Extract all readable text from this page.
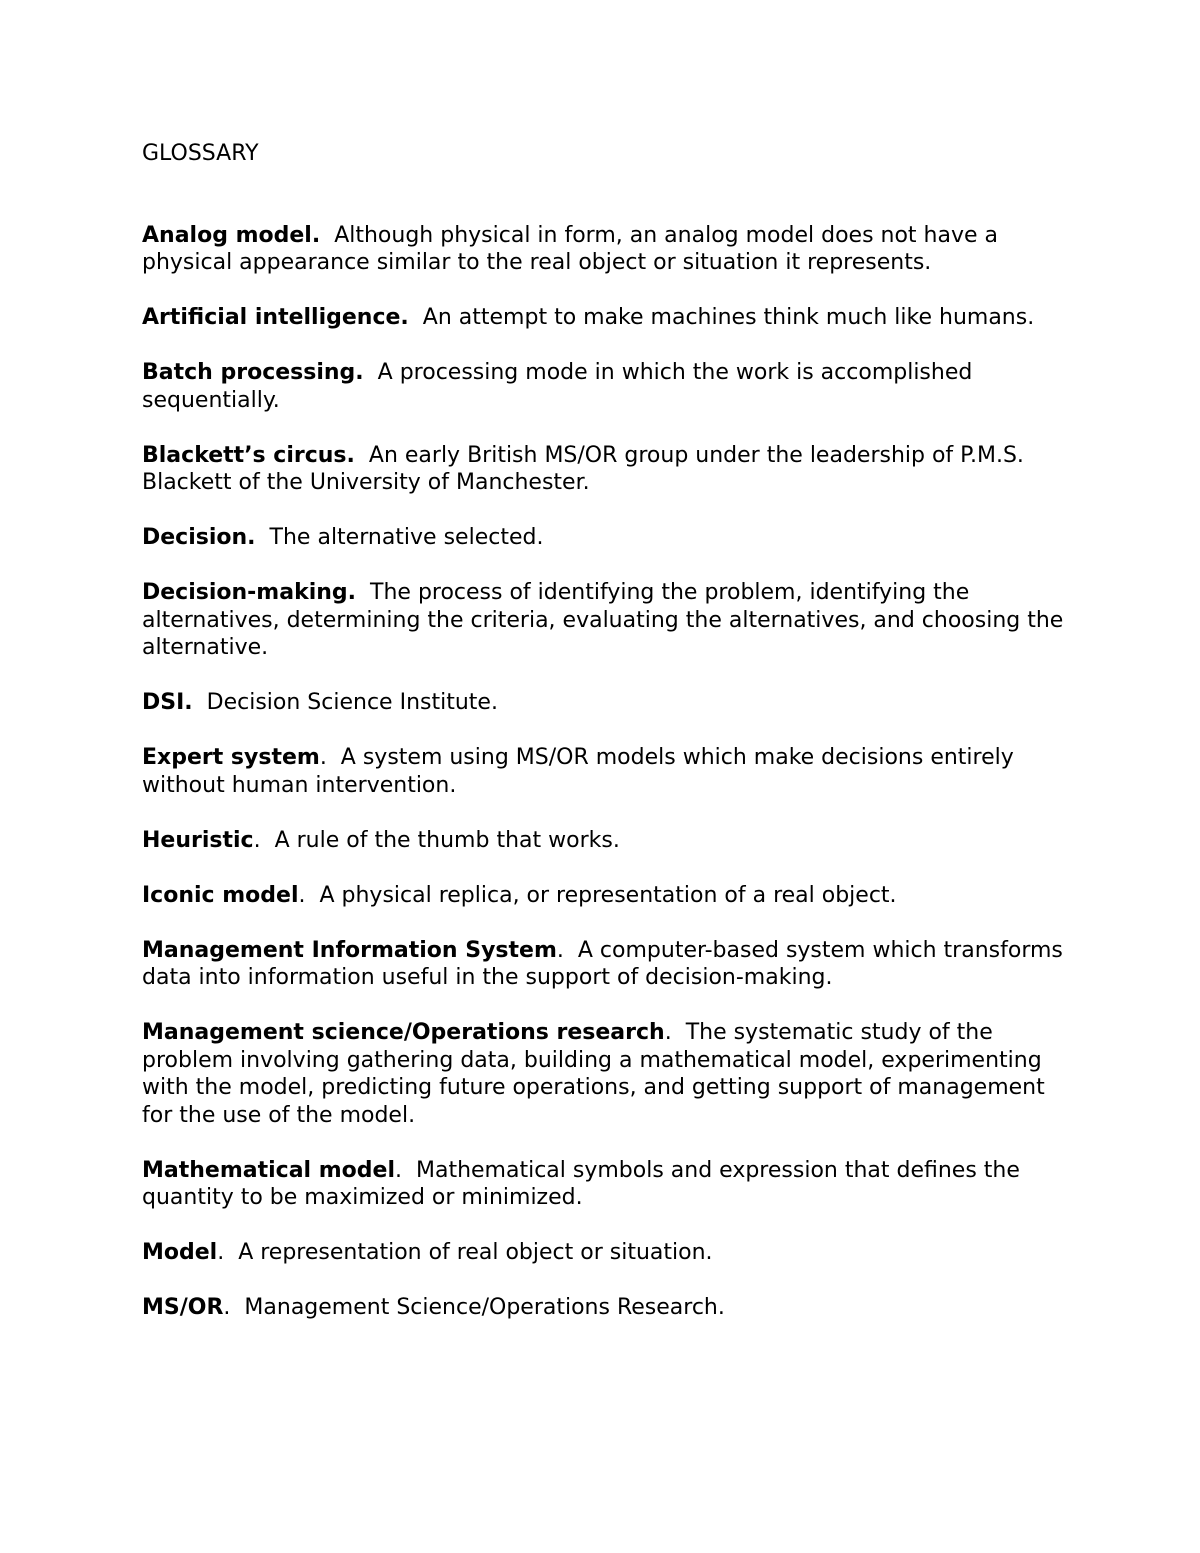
GLOSSARY
Analog model. Although physical in form, an analog model does not have a physical appearance similar to the real object or situation it represents.
Artificial intelligence. An attempt to make machines think much like humans.
Batch processing. A processing mode in which the work is accomplished sequentially.
Blackett’s circus. An early British MS/OR group under the leadership of P.M.S. Blackett of the University of Manchester.
Decision. The alternative selected.
Decision-making. The process of identifying the problem, identifying the alternatives, determining the criteria, evaluating the alternatives, and choosing the alternative.
DSI. Decision Science Institute.
Expert system.  A system using MS/OR models which make decisions entirely without human intervention.
Heuristic.  A rule of the thumb that works.
Iconic model.  A physical replica, or representation of a real object.
Management Information System.  A computer-based system which transforms data into information useful in the support of decision-making.
Management science/Operations research.  The systematic study of the problem involving gathering data, building a mathematical model, experimenting with the model, predicting future operations, and getting support of management for the use of the model.
Mathematical model.  Mathematical symbols and expression that defines the quantity to be maximized or minimized.
Model.  A representation of real object or situation.
MS/OR.  Management Science/Operations Research.
